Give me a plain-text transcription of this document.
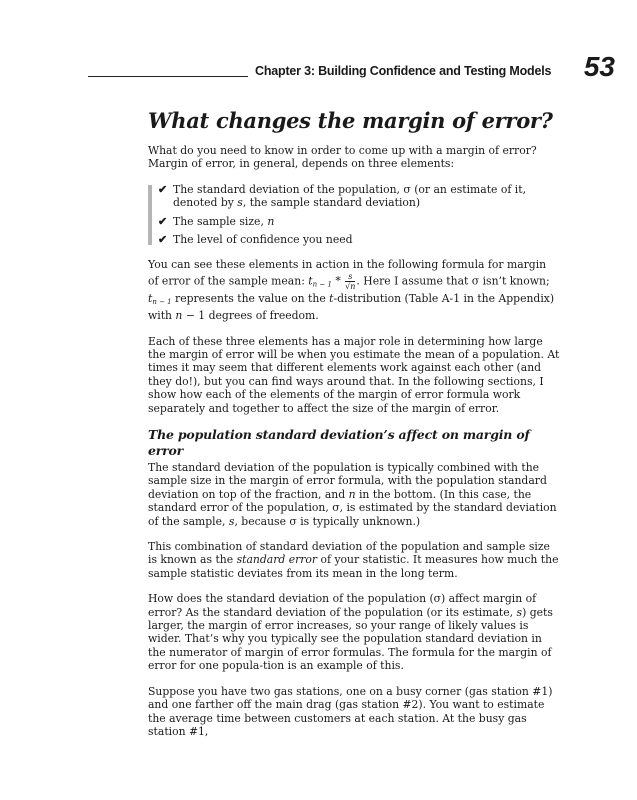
Chapter 3: Building Confidence and Testing Models 53
What changes the margin of error?

What do you need to know in order to come up with a margin of error? Margin of error, in general, depends on three elements:

✔ The standard deviation of the population, σ (or an estimate of it, denoted by s, the sample standard deviation)
✔ The sample size, n
✔ The level of confidence you need

You can see these elements in action in the following formula for margin of error of the sample mean: $t_{n - 1} * \frac{s}{√n}$ . Here I assume that σ isn’t known; $t_{n - 1}$ represents the value on the t-distribution (Table A-1 in the Appendix) with n − 1 degrees of freedom.

Each of these three elements has a major role in determining how large the margin of error will be when you estimate the mean of a population. At times it may seem that different elements work against each other (and they do!), but you can find ways around that. In the following sections, I show how each of the elements of the margin of error formula work separately and together to affect the size of the margin of error.

The population standard deviation’s affect on margin of error

The standard deviation of the population is typically combined with the sample size in the margin of error formula, with the population standard deviation on top of the fraction, and n in the bottom. (In this case, the standard error of the population, σ, is estimated by the standard deviation of the sample, s, because σ is typically unknown.)

This combination of standard deviation of the population and sample size is known as the standard error of your statistic. It measures how much the sample statistic deviates from its mean in the long term.

How does the standard deviation of the population (σ) affect margin of error? As the standard deviation of the population (or its estimate, s) gets larger, the margin of error increases, so your range of likely values is wider. That’s why you typically see the population standard deviation in the numerator of margin of error formulas. The formula for the margin of error for one popula-tion is an example of this.

Suppose you have two gas stations, one on a busy corner (gas station #1) and one farther off the main drag (gas station #2). You want to estimate the average time between customers at each station. At the busy gas station #1,
